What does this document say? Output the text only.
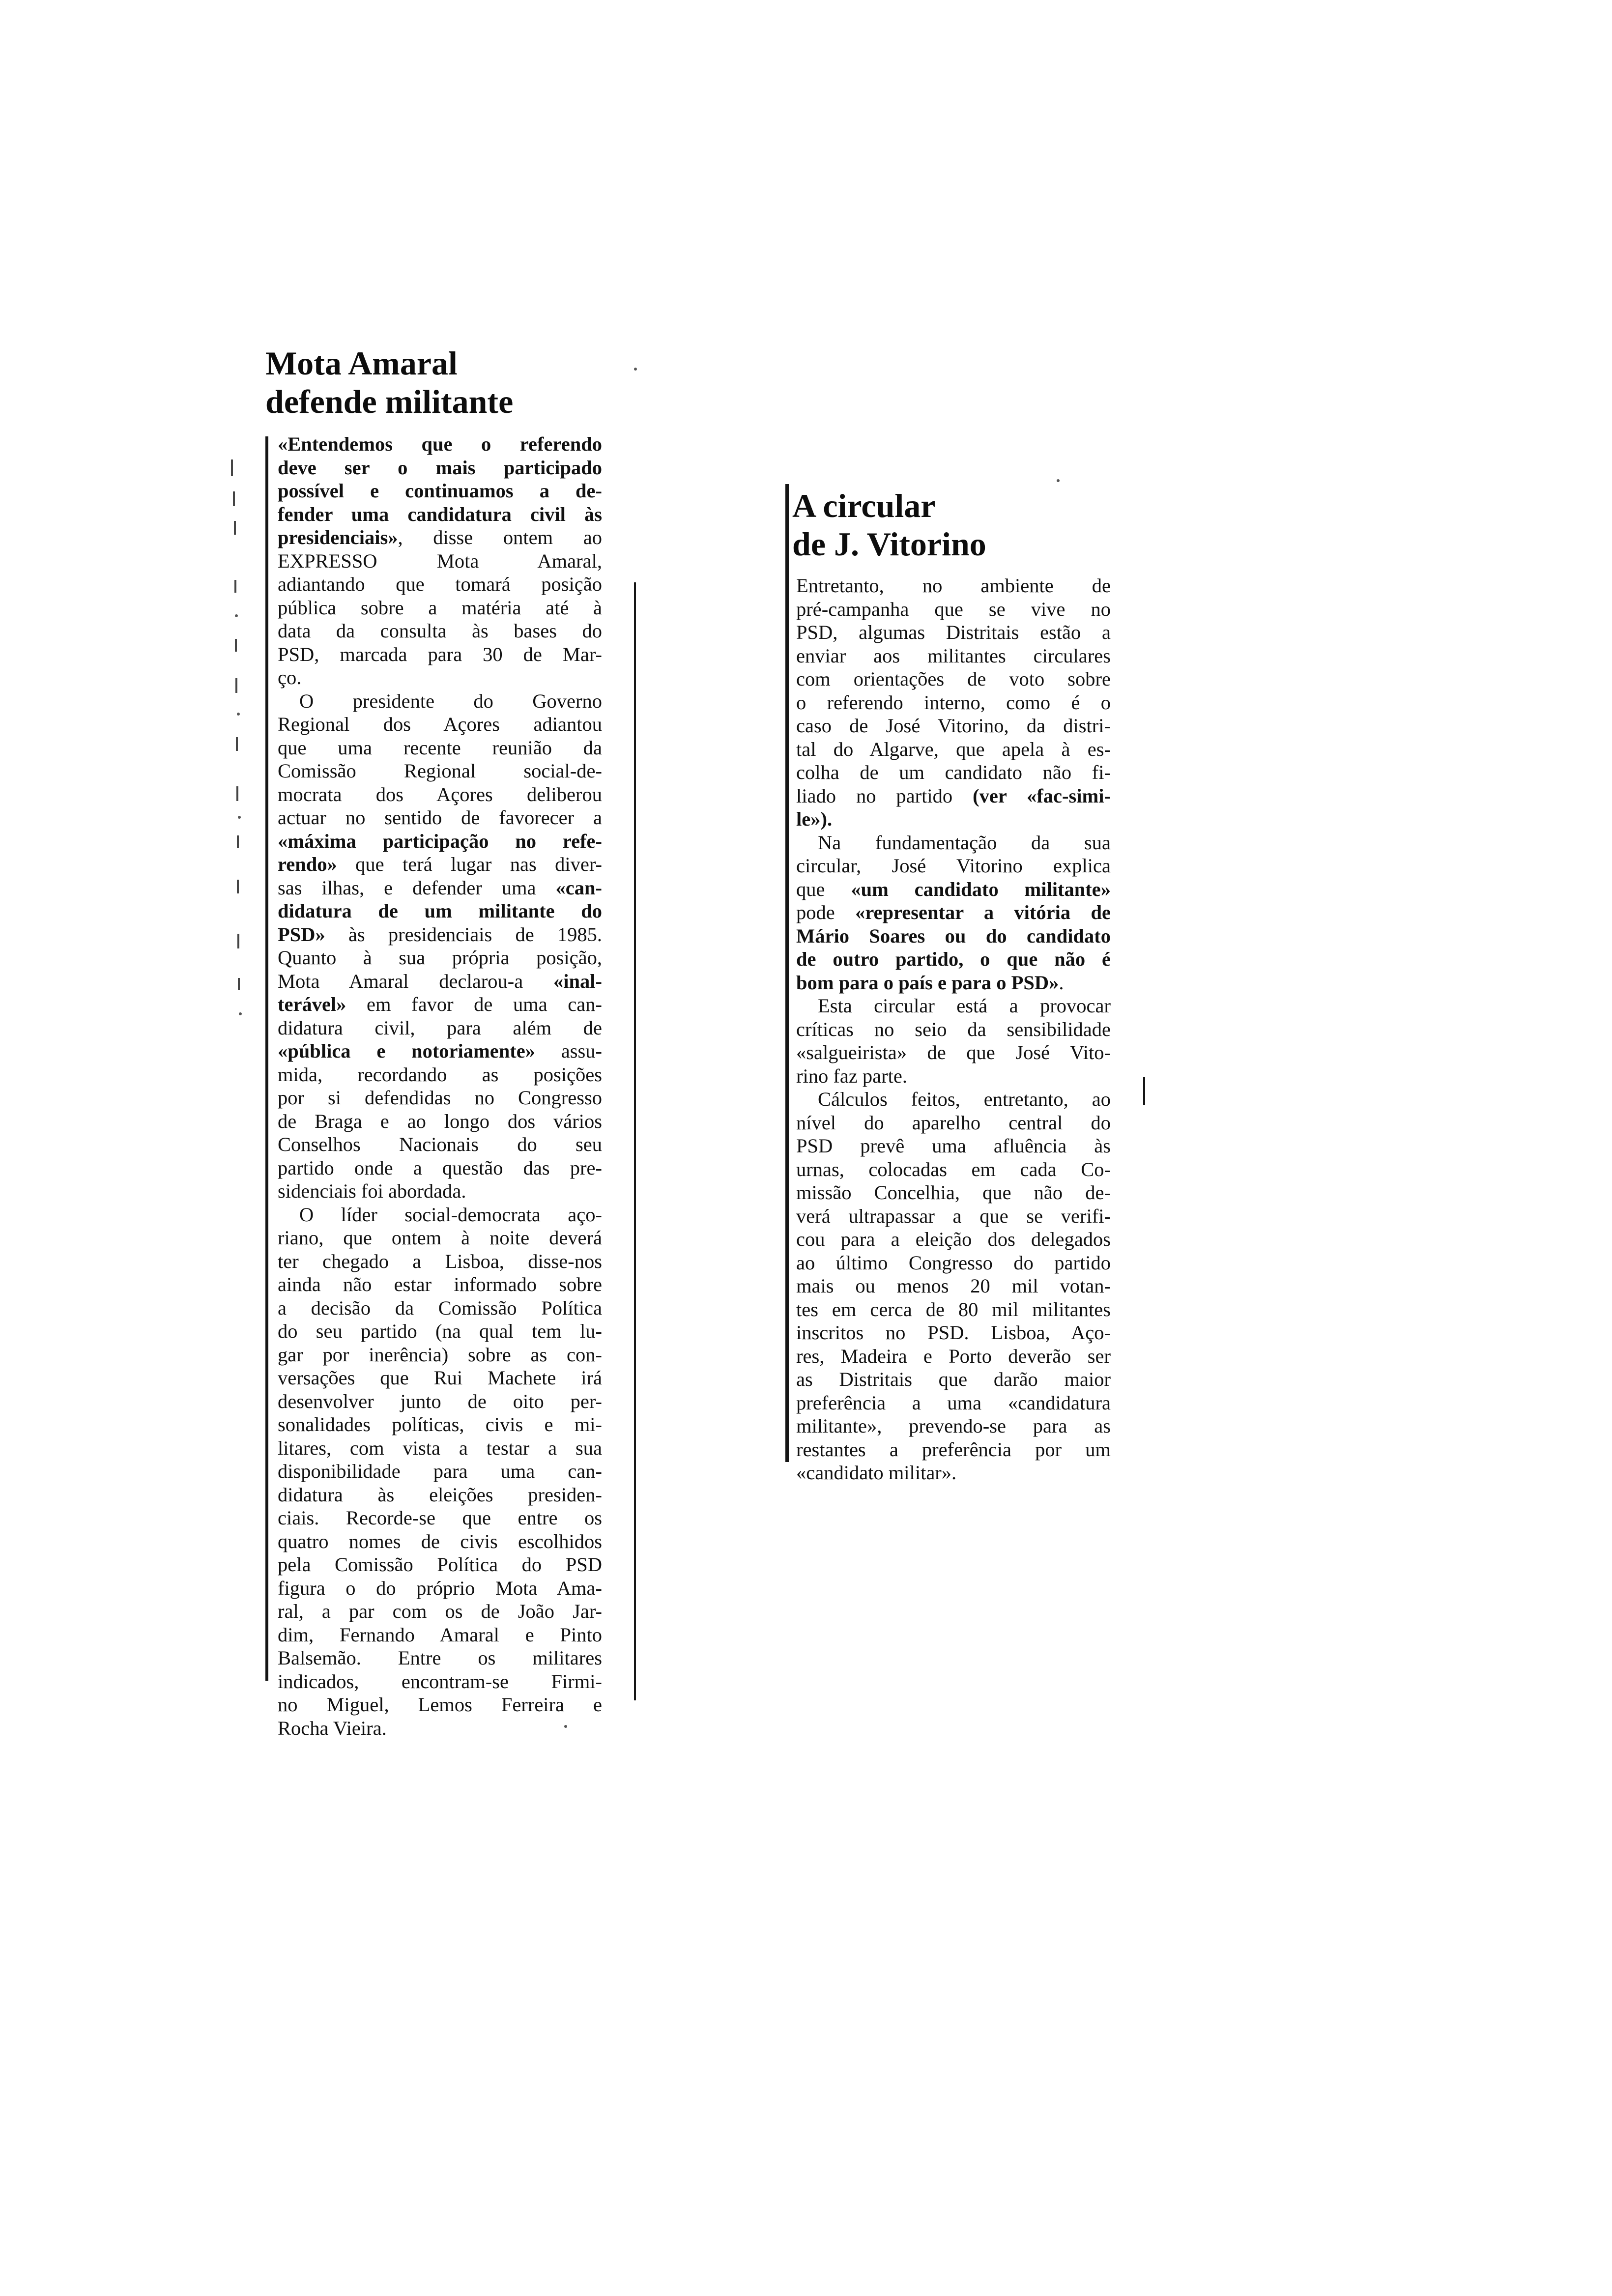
Mota Amaral
defende militante
«Entendemos que o referendo
deve ser o mais participado
possível e continuamos a de-
fender uma candidatura civil às
presidenciais», disse ontem ao
EXPRESSO Mota Amaral,
adiantando que tomará posição
pública sobre a matéria até à
data da consulta às bases do
PSD, marcada para 30 de Mar-
ço.
O presidente do Governo
Regional dos Açores adiantou
que uma recente reunião da
Comissão Regional social-de-
mocrata dos Açores deliberou
actuar no sentido de favorecer a
«máxima participação no refe-
rendo» que terá lugar nas diver-
sas ilhas, e defender uma «can-
didatura de um militante do
PSD» às presidenciais de 1985.
Quanto à sua própria posição,
Mota Amaral declarou-a «inal-
terável» em favor de uma can-
didatura civil, para além de
«pública e notoriamente» assu-
mida, recordando as posições
por si defendidas no Congresso
de Braga e ao longo dos vários
Conselhos Nacionais do seu
partido onde a questão das pre-
sidenciais foi abordada.
O líder social-democrata aço-
riano, que ontem à noite deverá
ter chegado a Lisboa, disse-nos
ainda não estar informado sobre
a decisão da Comissão Política
do seu partido (na qual tem lu-
gar por inerência) sobre as con-
versações que Rui Machete irá
desenvolver junto de oito per-
sonalidades políticas, civis e mi-
litares, com vista a testar a sua
disponibilidade para uma can-
didatura às eleições presiden-
ciais. Recorde-se que entre os
quatro nomes de civis escolhidos
pela Comissão Política do PSD
figura o do próprio Mota Ama-
ral, a par com os de João Jar-
dim, Fernando Amaral e Pinto
Balsemão. Entre os militares
indicados, encontram-se Firmi-
no Miguel, Lemos Ferreira e
Rocha Vieira.
A circular
de J. Vitorino
Entretanto, no ambiente de
pré-campanha que se vive no
PSD, algumas Distritais estão a
enviar aos militantes circulares
com orientações de voto sobre
o referendo interno, como é o
caso de José Vitorino, da distri-
tal do Algarve, que apela à es-
colha de um candidato não fi-
liado no partido (ver «fac-simi-
le»).
Na fundamentação da sua
circular, José Vitorino explica
que «um candidato militante»
pode «representar a vitória de
Mário Soares ou do candidato
de outro partido, o que não é
bom para o país e para o PSD».
Esta circular está a provocar
críticas no seio da sensibilidade
«salgueirista» de que José Vito-
rino faz parte.
Cálculos feitos, entretanto, ao
nível do aparelho central do
PSD prevê uma afluência às
urnas, colocadas em cada Co-
missão Concelhia, que não de-
verá ultrapassar a que se verifi-
cou para a eleição dos delegados
ao último Congresso do partido
mais ou menos 20 mil votan-
tes em cerca de 80 mil militantes
inscritos no PSD. Lisboa, Aço-
res, Madeira e Porto deverão ser
as Distritais que darão maior
preferência a uma «candidatura
militante», prevendo-se para as
restantes a preferência por um
«candidato militar».
